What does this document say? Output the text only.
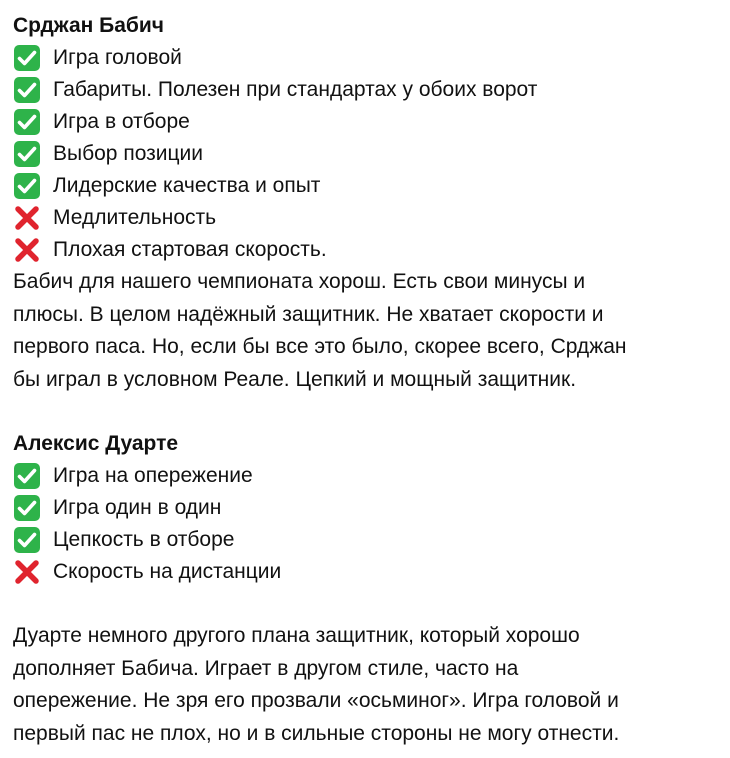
Срджан Бабич
Игра головой
Габариты. Полезен при стандартах у обоих ворот
Игра в отборе
Выбор позиции
Лидерские качества и опыт
Медлительность
Плохая стартовая скорость.
Бабич для нашего чемпионата хорош. Есть свои минусы и
плюсы. В целом надёжный защитник. Не хватает скорости и
первого паса. Но, если бы все это было, скорее всего, Срджан
бы играл в условном Реале. Цепкий и мощный защитник.
Алексис Дуарте
Игра на опережение
Игра один в один
Цепкость в отборе
Скорость на дистанции
Дуарте немного другого плана защитник, который хорошо
дополняет Бабича. Играет в другом стиле, часто на
опережение. Не зря его прозвали «осьминог». Игра головой и
первый пас не плох, но и в сильные стороны не могу отнести.
